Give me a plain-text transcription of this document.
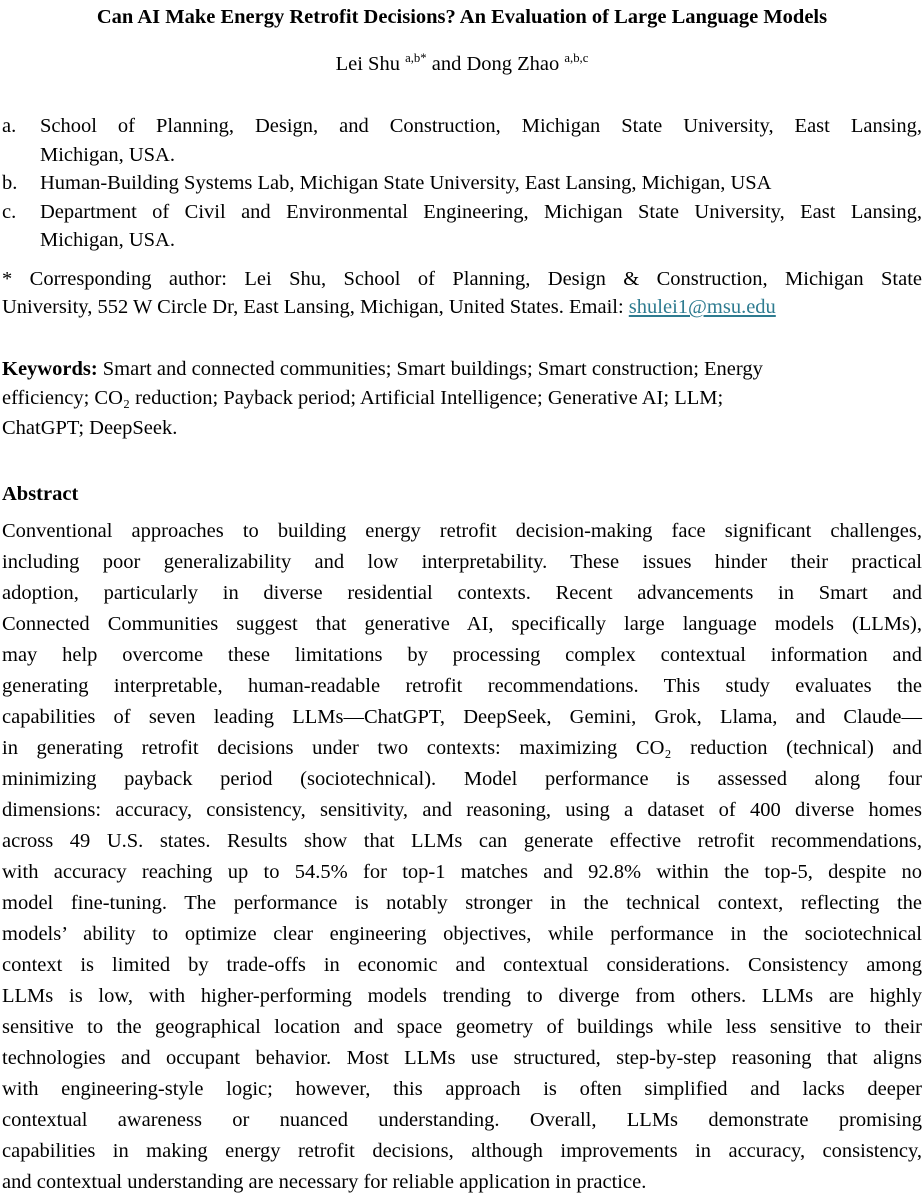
Can AI Make Energy Retrofit Decisions? An Evaluation of Large Language Models
Lei Shu $^{a,b*}$ and Dong Zhao $^{a,b,c}$
a.	School of Planning, Design, and Construction, Michigan State University, East Lansing,
Michigan, USA.
b.	Human-Building Systems Lab, Michigan State University, East Lansing, Michigan, USA
c.	Department of Civil and Environmental Engineering, Michigan State University, East Lansing,
Michigan, USA.
* Corresponding author: Lei Shu, School of Planning, Design & Construction, Michigan State
University, 552 W Circle Dr, East Lansing, Michigan, United States. Email: shulei1@msu.edu
Keywords: Smart and connected communities; Smart buildings; Smart construction; Energy
efficiency; CO₂ reduction; Payback period; Artificial Intelligence; Generative AI; LLM;
ChatGPT; DeepSeek.
Abstract
Conventional approaches to building energy retrofit decision-making face significant challenges,
including poor generalizability and low interpretability. These issues hinder their practical
adoption, particularly in diverse residential contexts. Recent advancements in Smart and
Connected Communities suggest that generative AI, specifically large language models (LLMs),
may help overcome these limitations by processing complex contextual information and
generating interpretable, human-readable retrofit recommendations. This study evaluates the
capabilities of seven leading LLMs—ChatGPT, DeepSeek, Gemini, Grok, Llama, and Claude—
in generating retrofit decisions under two contexts: maximizing CO₂ reduction (technical) and
minimizing payback period (sociotechnical). Model performance is assessed along four
dimensions: accuracy, consistency, sensitivity, and reasoning, using a dataset of 400 diverse homes
across 49 U.S. states. Results show that LLMs can generate effective retrofit recommendations,
with accuracy reaching up to 54.5% for top-1 matches and 92.8% within the top-5, despite no
model fine-tuning. The performance is notably stronger in the technical context, reflecting the
models’ ability to optimize clear engineering objectives, while performance in the sociotechnical
context is limited by trade-offs in economic and contextual considerations. Consistency among
LLMs is low, with higher-performing models trending to diverge from others. LLMs are highly
sensitive to the geographical location and space geometry of buildings while less sensitive to their
technologies and occupant behavior. Most LLMs use structured, step-by-step reasoning that aligns
with engineering-style logic; however, this approach is often simplified and lacks deeper
contextual awareness or nuanced understanding. Overall, LLMs demonstrate promising
capabilities in making energy retrofit decisions, although improvements in accuracy, consistency,
and contextual understanding are necessary for reliable application in practice.
